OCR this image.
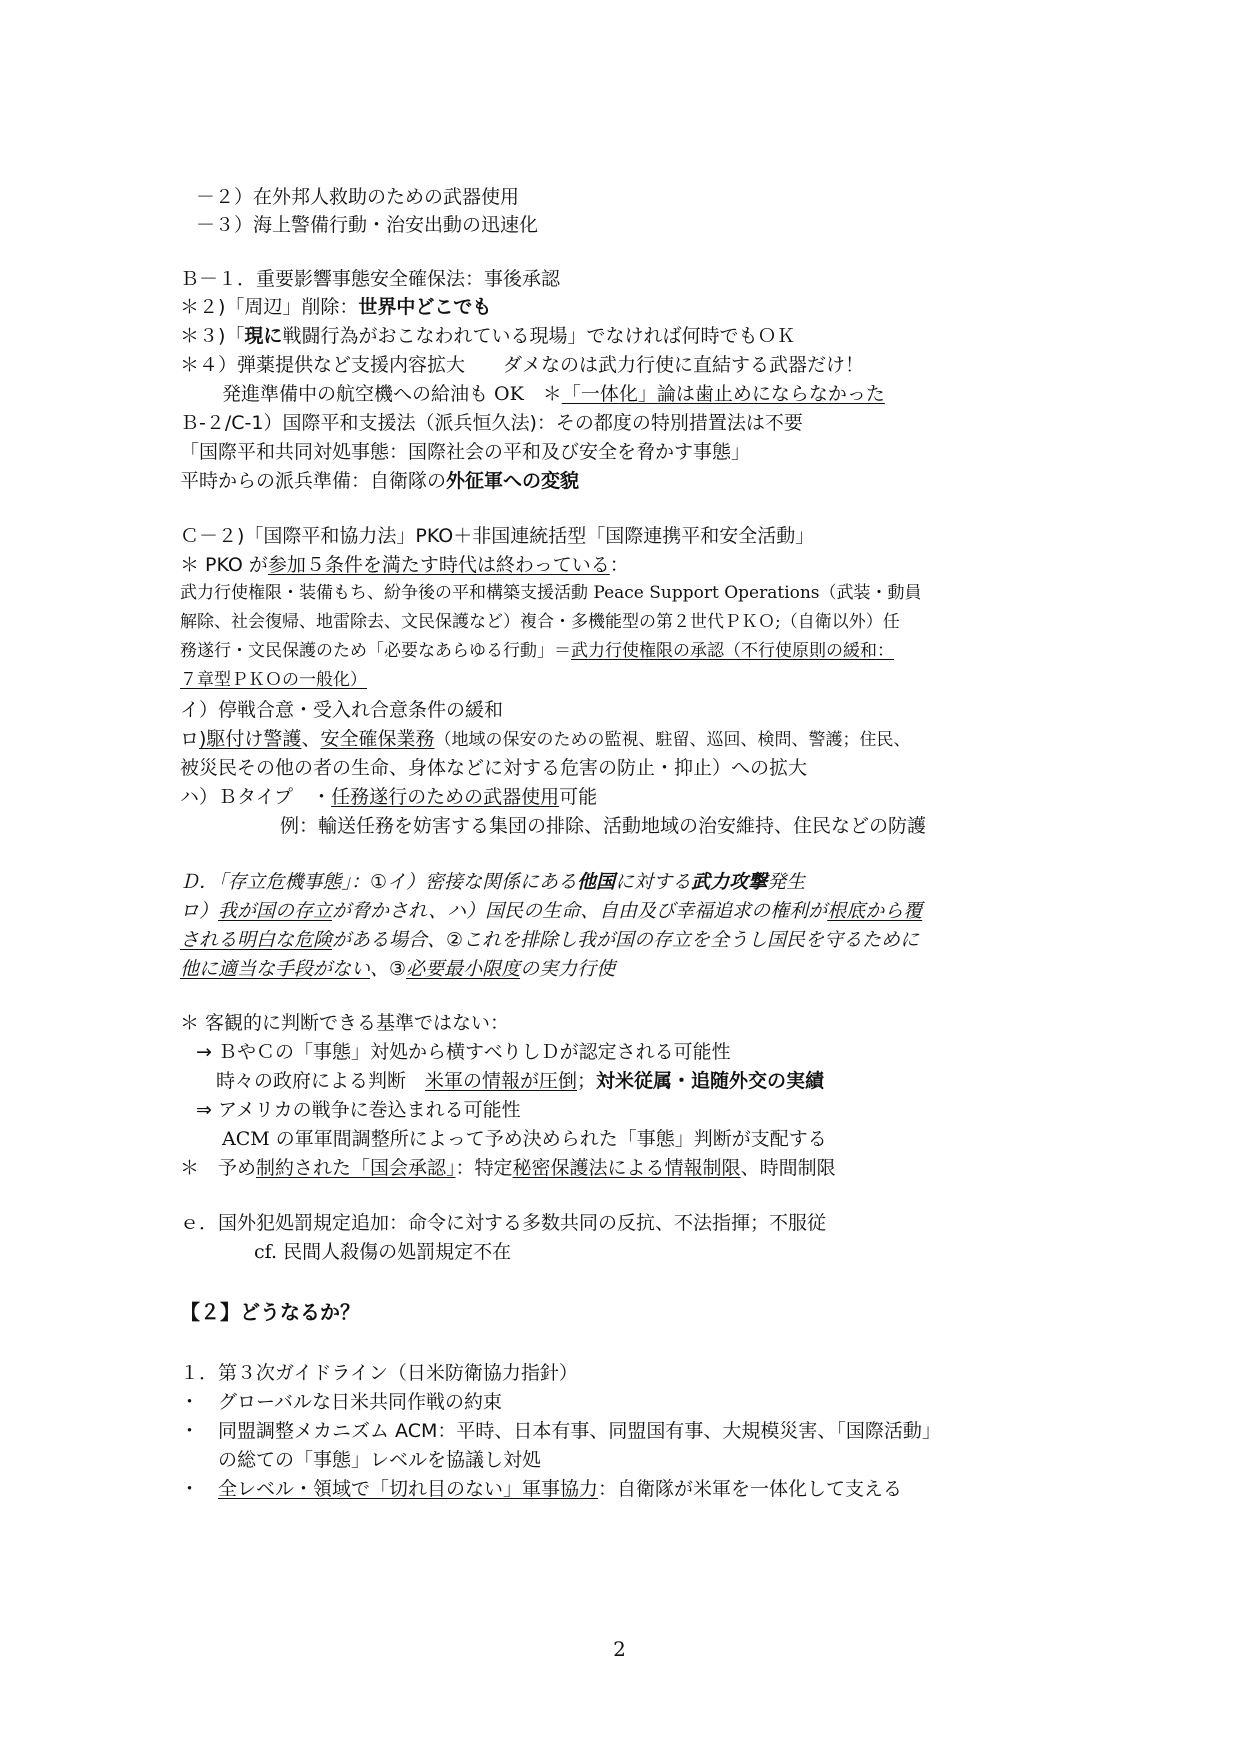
－２）在外邦人救助のための武器使用
－３）海上警備行動・治安出動の迅速化
Ｂ－１．重要影響事態安全確保法：事後承認
＊２)「周辺」削除：世界中どこでも
＊３)「現に戦闘行為がおこなわれている現場」でなければ何時でもＯＫ
＊４）弾薬提供など支援内容拡大　　ダメなのは武力行使に直結する武器だけ！
発進準備中の航空機への給油も OK　＊「一体化」論は歯止めにならなかった
Ｂ-２/C-1）国際平和支援法（派兵恒久法)：その都度の特別措置法は不要
「国際平和共同対処事態：国際社会の平和及び安全を脅かす事態」
平時からの派兵準備：自衛隊の外征軍への変貌
Ｃ－２)「国際平和協力法」PKO＋非国連統括型「国際連携平和安全活動」
＊ PKO が参加５条件を満たす時代は終わっている：
武力行使権限・装備もち、紛争後の平和構築支援活動 Peace Support Operations（武装・動員
解除、社会復帰、地雷除去、文民保護など）複合・多機能型の第２世代ＰＫＯ;（自衛以外）任
務遂行・文民保護のため「必要なあらゆる行動」＝武力行使権限の承認（不行使原則の緩和：
７章型ＰＫＯの一般化）
イ）停戦合意・受入れ合意条件の緩和
ロ)駆付け警護、安全確保業務（地域の保安のための監視、駐留、巡回、検問、警護；住民、
被災民その他の者の生命、身体などに対する危害の防止・抑止）への拡大
ハ）Ｂタイプ　・任務遂行のための武器使用可能
例：輸送任務を妨害する集団の排除、活動地域の治安維持、住民などの防護
Ｄ．「存立危機事態」：①イ）密接な関係にある他国に対する武力攻撃発生
ロ）我が国の存立が脅かされ、ハ）国民の生命、自由及び幸福追求の権利が根底から覆
される明白な危険がある場合、②これを排除し我が国の存立を全うし国民を守るために
他に適当な手段がない、③必要最小限度の実力行使
＊ 客観的に判断できる基準ではない：
→ ＢやＣの「事態」対処から横すべりしＤが認定される可能性
時々の政府による判断　米軍の情報が圧倒；対米従属・追随外交の実績
⇒ アメリカの戦争に巻込まれる可能性
ACM の軍軍間調整所によって予め決められた「事態」判断が支配する
＊　予め制約された「国会承認」：特定秘密保護法による情報制限、時間制限
ｅ．国外犯処罰規定追加：命令に対する多数共同の反抗、不法指揮；不服従
cf. 民間人殺傷の処罰規定不在
【２】どうなるか？
１．第３次ガイドライン（日米防衛協力指針）
・　グローバルな日米共同作戦の約束
・　同盟調整メカニズム ACM：平時、日本有事、同盟国有事、大規模災害、「国際活動」
の総ての「事態」レベルを協議し対処
・　全レベル・領域で「切れ目のない」軍事協力：自衛隊が米軍を一体化して支える
2
